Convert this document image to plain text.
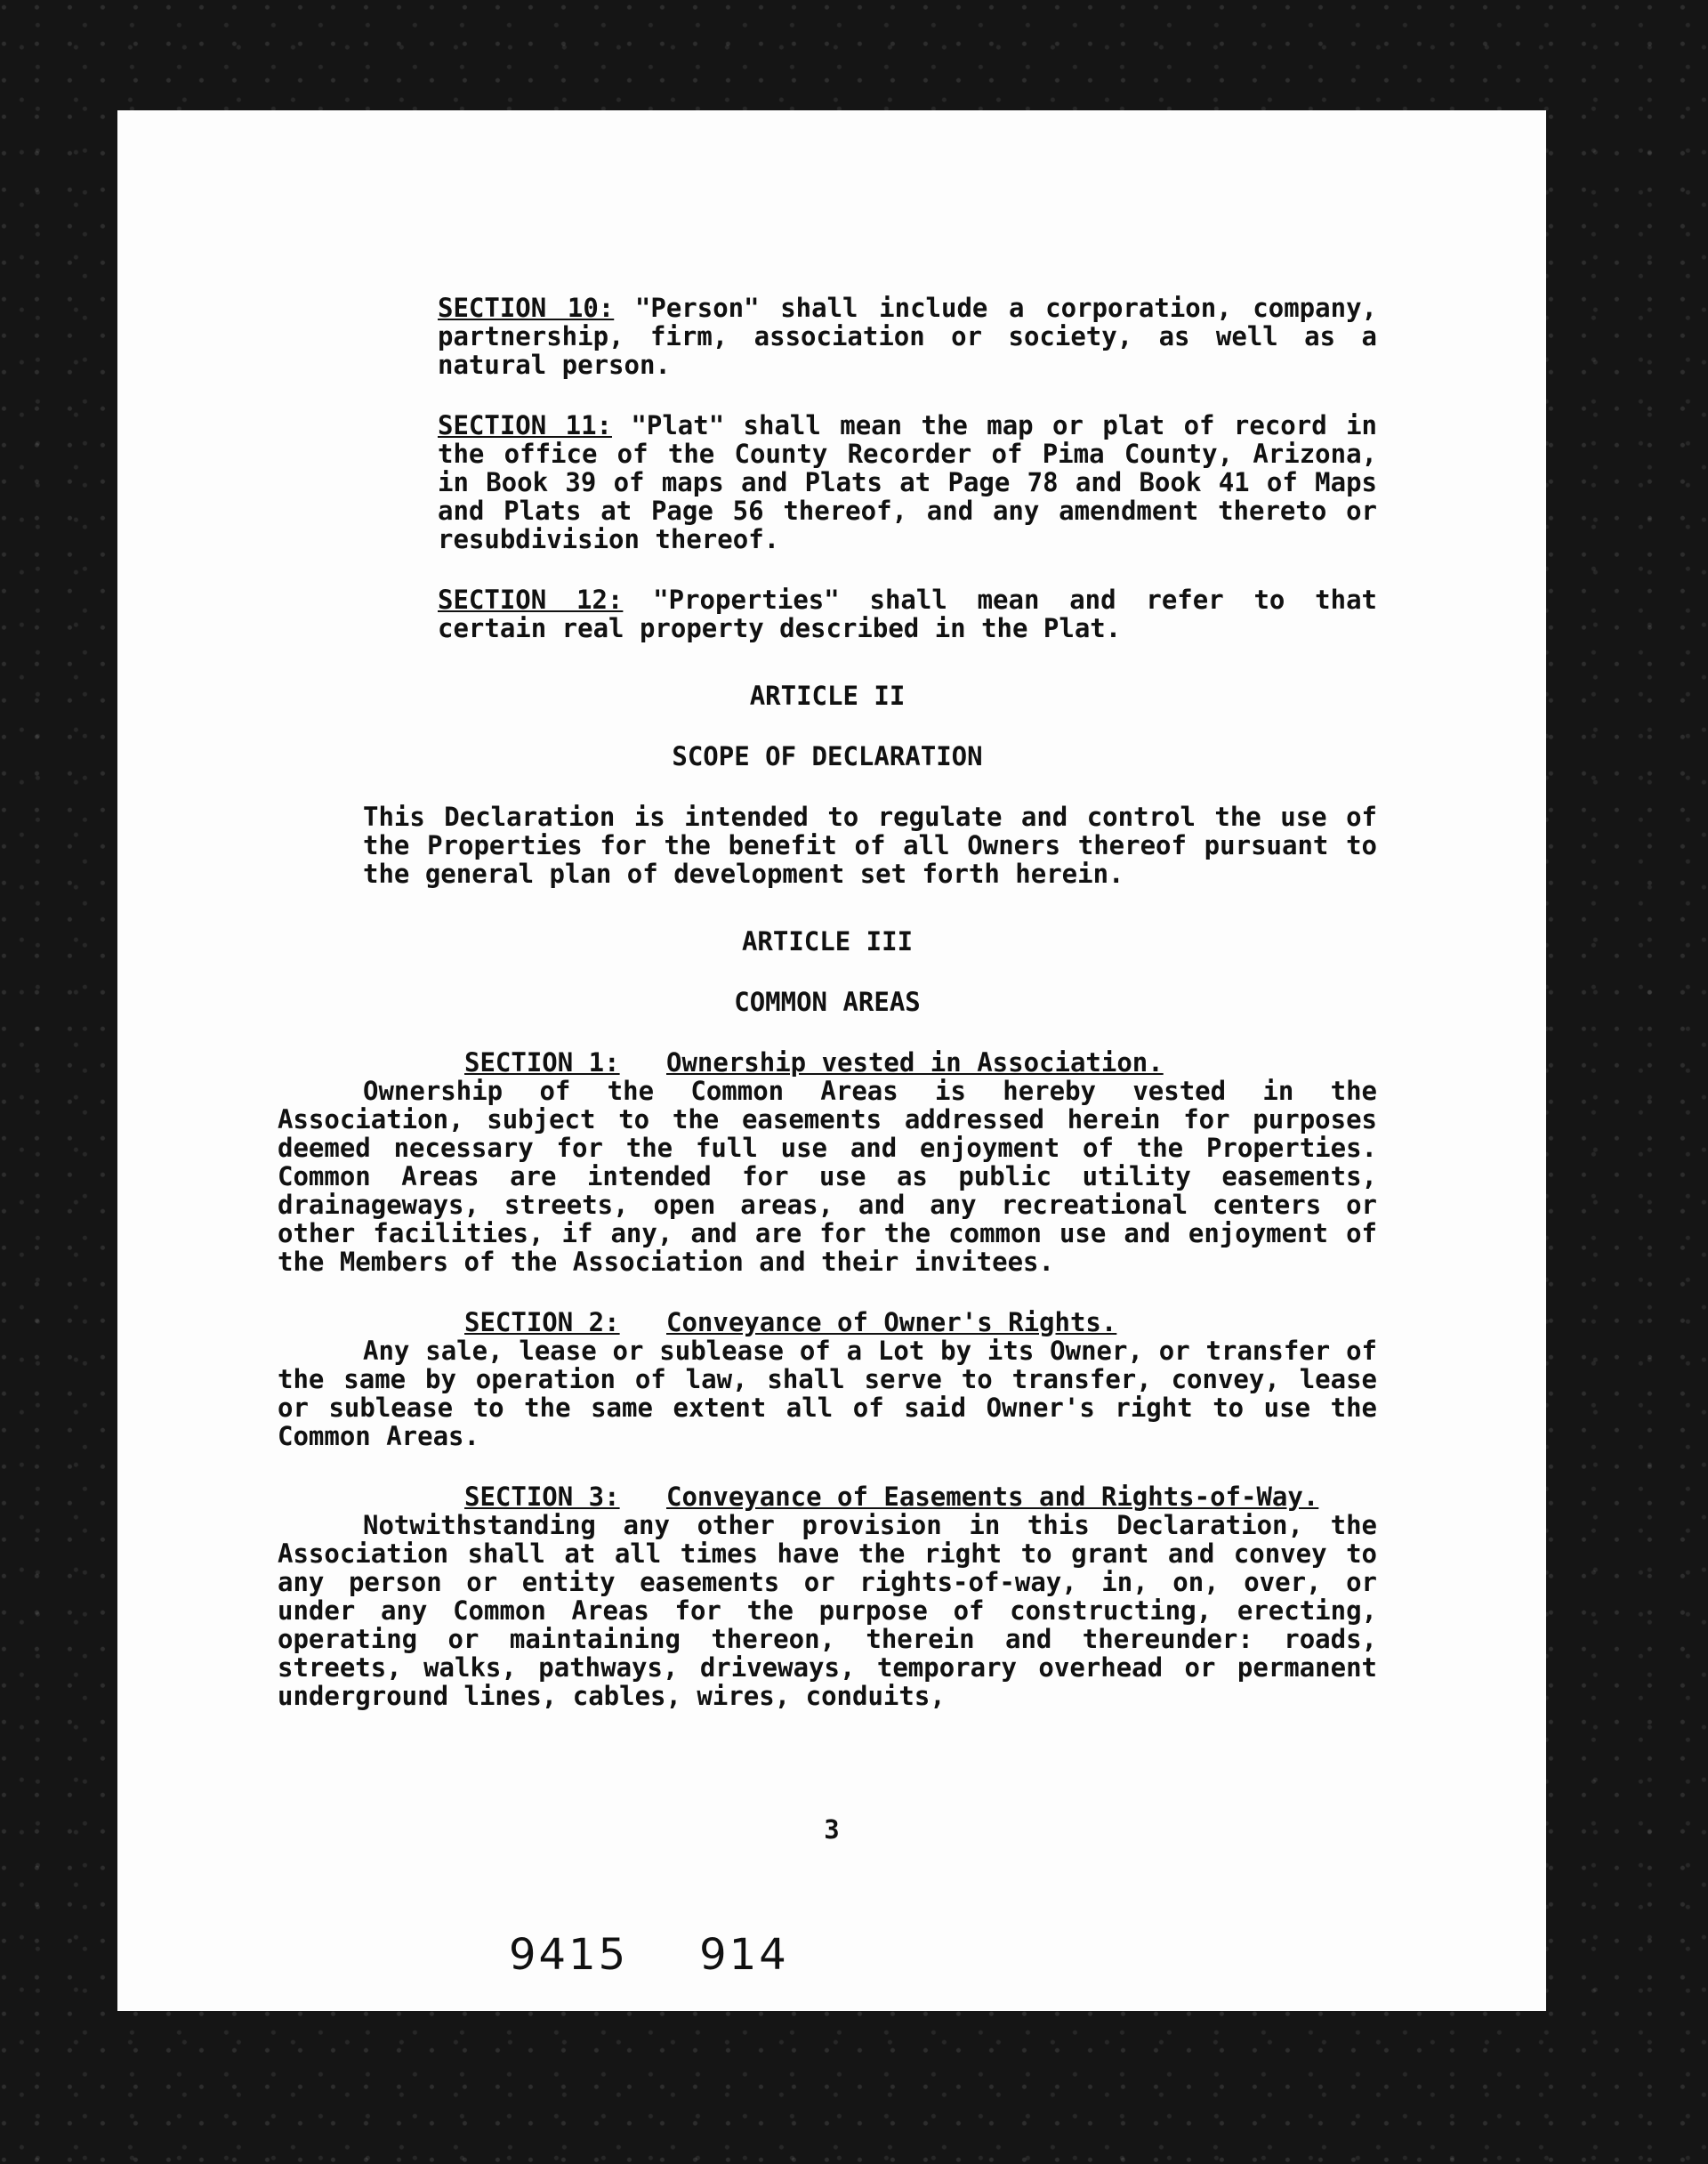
SECTION 10: "Person" shall include a corporation, company, partnership, firm, association or society, as well as a natural person.

SECTION 11: "Plat" shall mean the map or plat of record in the office of the County Recorder of Pima County, Arizona, in Book 39 of maps and Plats at Page 78 and Book 41 of Maps and Plats at Page 56 thereof, and any amendment thereto or resubdivision thereof.

SECTION 12: "Properties" shall mean and refer to that certain real property described in the Plat.

ARTICLE II
SCOPE OF DECLARATION

This Declaration is intended to regulate and control the use of the Properties for the benefit of all Owners thereof pursuant to the general plan of development set forth herein.

ARTICLE III
COMMON AREAS

SECTION 1: Ownership vested in Association.
Ownership of the Common Areas is hereby vested in the Association, subject to the easements addressed herein for purposes deemed necessary for the full use and enjoyment of the Properties. Common Areas are intended for use as public utility easements, drainageways, streets, open areas, and any recreational centers or other facilities, if any, and are for the common use and enjoyment of the Members of the Association and their invitees.

SECTION 2: Conveyance of Owner's Rights.
Any sale, lease or sublease of a Lot by its Owner, or transfer of the same by operation of law, shall serve to transfer, convey, lease or sublease to the same extent all of said Owner's right to use the Common Areas.

SECTION 3: Conveyance of Easements and Rights-of-Way.
Notwithstanding any other provision in this Declaration, the Association shall at all times have the right to grant and convey to any person or entity easements or rights-of-way, in, on, over, or under any Common Areas for the purpose of constructing, erecting, operating or maintaining thereon, therein and thereunder: roads, streets, walks, pathways, driveways, temporary overhead or permanent underground lines, cables, wires, conduits,

3
9415 914
